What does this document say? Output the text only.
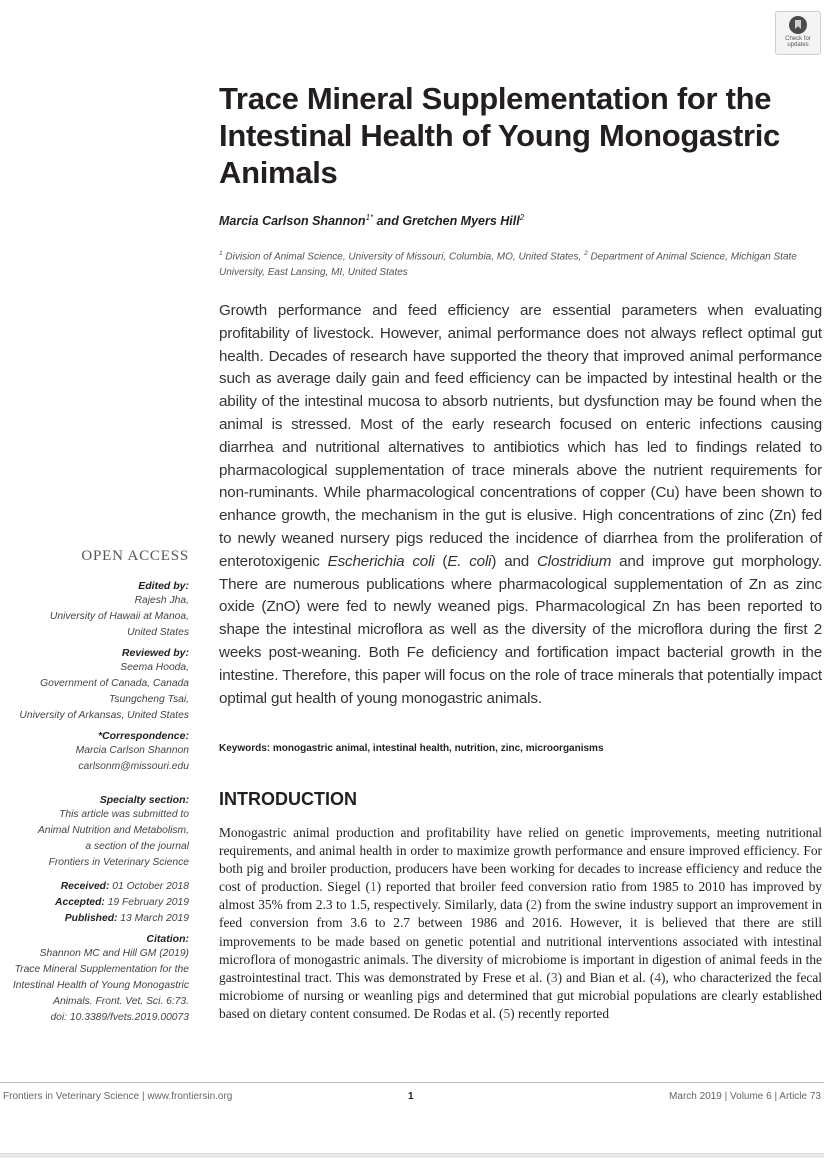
Check for
updates
Trace Mineral Supplementation for the Intestinal Health of Young Monogastric Animals
Marcia Carlson Shannon$^{1*}$ and Gretchen Myers Hill$^2$
$^1$ Division of Animal Science, University of Missouri, Columbia, MO, United States, $^2$ Department of Animal Science, Michigan State University, East Lansing, MI, United States

Growth performance and feed efficiency are essential parameters when evaluating profitability of livestock. However, animal performance does not always reflect optimal gut health. Decades of research have supported the theory that improved animal performance such as average daily gain and feed efficiency can be impacted by intestinal health or the ability of the intestinal mucosa to absorb nutrients, but dysfunction may be found when the animal is stressed. Most of the early research focused on enteric infections causing diarrhea and nutritional alternatives to antibiotics which has led to findings related to pharmacological supplementation of trace minerals above the nutrient requirements for non-ruminants. While pharmacological concentrations of copper (Cu) have been shown to enhance growth, the mechanism in the gut is elusive. High concentrations of zinc (Zn) fed to newly weaned nursery pigs reduced the incidence of diarrhea from the proliferation of enterotoxigenic Escherichia coli (E. coli) and Clostridium and improve gut morphology. There are numerous publications where pharmacological supplementation of Zn as zinc oxide (ZnO) were fed to newly weaned pigs. Pharmacological Zn has been reported to shape the intestinal microflora as well as the diversity of the microflora during the first 2 weeks post-weaning. Both Fe deficiency and fortification impact bacterial growth in the intestine. Therefore, this paper will focus on the role of trace minerals that potentially impact optimal gut health of young monogastric animals.

Keywords: monogastric animal, intestinal health, nutrition, zinc, microorganisms
INTRODUCTION

Monogastric animal production and profitability have relied on genetic improvements, meeting nutritional requirements, and animal health in order to maximize growth performance and ensure improved efficiency. For both pig and broiler production, producers have been working for decades to increase efficiency and reduce the cost of production. Siegel (1) reported that broiler feed conversion ratio from 1985 to 2010 has improved by almost 35% from 2.3 to 1.5, respectively. Similarly, data (2) from the swine industry support an improvement in feed conversion from 3.6 to 2.7 between 1986 and 2016. However, it is believed that there are still improvements to be made based on genetic potential and nutritional interventions associated with intestinal microflora of monogastric animals. The diversity of microbiome is important in digestion of animal feeds in the gastrointestinal tract. This was demonstrated by Frese et al. (3) and Bian et al. (4), who characterized the fecal microbiome of nursing or weanling pigs and determined that gut microbial populations are clearly established based on dietary content consumed. De Rodas et al. (5) recently reported

OPEN ACCESS
Edited by:
Rajesh Jha,
University of Hawaii at Manoa,
United States
Reviewed by:
Seema Hooda,
Government of Canada, Canada
Tsungcheng Tsai,
University of Arkansas, United States
*Correspondence:
Marcia Carlson Shannon
carlsonm@missouri.edu
Specialty section:
This article was submitted to
Animal Nutrition and Metabolism,
a section of the journal
Frontiers in Veterinary Science
Received: 01 October 2018
Accepted: 19 February 2019
Published: 13 March 2019
Citation:
Shannon MC and Hill GM (2019)
Trace Mineral Supplementation for the
Intestinal Health of Young Monogastric
Animals. Front. Vet. Sci. 6:73.
doi: 10.3389/fvets.2019.00073
Frontiers in Veterinary Science | www.frontiersin.org	1	March 2019 | Volume 6 | Article 73
